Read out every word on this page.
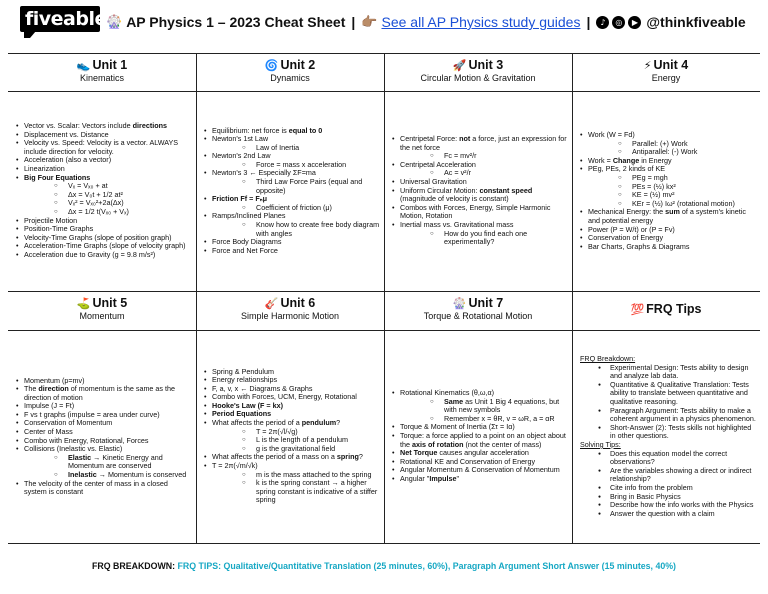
fiveable 🎡 AP Physics 1 – 2023 Cheat Sheet | 👉🏽 See all AP Physics study guides |	♪	◎	▶ @thinkfiveable
👟 Unit 1
Kinematics
• Vector vs. Scalar: Vectors include directions
• Displacement vs. Distance
• Velocity vs. Speed: Velocity is a vector. ALWAYS include direction for velocity.
• Acceleration (also a vector)
• Linearization
• Big Four Equations
○ Vₓ = Vₓ₀ + at
○ Δx = V₀t + 1/2 at²
○ Vₓ² = Vₓ₀²+2a(Δx)
○ Δx = 1/2 t(Vₓ₀ + Vₓ)
• Projectile Motion
• Position-Time Graphs
• Velocity-Time Graphs (slope of position graph)
• Acceleration-Time Graphs (slope of velocity graph)
• Acceleration due to Gravity (g = 9.8 m/s²)
🌀 Unit 2
Dynamics
• Equilibrium: net force is equal to 0
• Newton's 1st Law
○ Law of Inertia
• Newton's 2nd Law
○ Force = mass x acceleration
• Newton's 3 ← Especially ΣF=ma
○ Third Law Force Pairs (equal and opposite)
• Friction Ff = Fₙμ
○ Coefficient of friction (μ)
• Ramps/Inclined Planes
○ Know how to create free body diagram with angles
• Force Body Diagrams
• Force and Net Force
🚀 Unit 3
Circular Motion & Gravitation
• Centripetal Force: not a force, just an expression for the net force
○ Fc = mv²/r
• Centripetal Acceleration
○ Ac = v²/r
• Universal Gravitation
• Uniform Circular Motion: constant speed (magnitude of velocity is constant)
• Combos with Forces, Energy, Simple Harmonic Motion, Rotation
• Inertial mass vs. Gravitational mass
○ How do you find each one experimentally?
⚡ Unit 4
Energy
• Work (W = Fd)
○ Parallel: (+) Work
○ Antiparallel: (-) Work
• Work = Change in Energy
• PEg, PEs, 2 kinds of KE
○ PEg = mgh
○ PEs = (½) kx²
○ KE = (½) mv²
○ KEr = (½) Iω² (rotational motion)
• Mechanical Energy: the sum of a system's kinetic and potential energy
• Power (P = W/t) or (P = Fv)
• Conservation of Energy
• Bar Charts, Graphs & Diagrams
⛳ Unit 5
Momentum
• Momentum (p=mv)
• The direction of momentum is the same as the direction of motion
• Impulse (J = Ft)
• F vs t graphs (impulse = area under curve)
• Conservation of Momentum
• Center of Mass
• Combo with Energy, Rotational, Forces
• Collisions (Inelastic vs. Elastic)
○ Elastic → Kinetic Energy and Momentum are conserved
○ Inelastic → Momentum is conserved
• The velocity of the center of mass in a closed system is constant
🎸 Unit 6
Simple Harmonic Motion
• Spring & Pendulum
• Energy relationships
• F, a, v, x ← Diagrams & Graphs
• Combo with Forces, UCM, Energy, Rotational
• Hooke's Law (F = kx)
• Period Equations
• What affects the period of a pendulum?
○ T = 2π(√l/√g)
○ L is the length of a pendulum
○ g is the gravitational field
• What affects the period of a mass on a spring?
• T = 2π(√m/√k)
○ m is the mass attached to the spring
○ k is the spring constant → a higher spring constant is indicative of a stiffer spring
🎡 Unit 7
Torque & Rotational Motion
• Rotational Kinematics (θ,ω,α)
○ Same as Unit 1 Big 4 equations, but with new symbols
○ Remember x = θR, v = ωR, a = αR
• Torque & Moment of Inertia (Στ = Iα)
• Torque: a force applied to a point on an object about the axis of rotation (not the center of mass)
• Net Torque causes angular acceleration
• Rotational KE and Conservation of Energy
• Angular Momentum & Conservation of Momentum
• Angular "Impulse"
💯 FRQ Tips
FRQ Breakdown:
● Experimental Design: Tests ability to design and analyze lab data.
● Quantitative & Qualitative Translation: Tests ability to translate between quantitative and qualitative reasoning.
● Paragraph Argument: Tests ability to make a coherent argument in a physics phenomenon.
● Short-Answer (2): Tests skills not highlighted in other questions.
Solving Tips:
● Does this equation model the correct observations?
● Are the variables showing a direct or indirect relationship?
● Cite info from the problem
● Bring in Basic Physics
● Describe how the info works with the Physics
● Answer the question with a claim
FRQ BREAKDOWN: FRQ TIPS: Qualitative/Quantitative Translation (25 minutes, 60%), Paragraph Argument Short Answer (15 minutes, 40%)
